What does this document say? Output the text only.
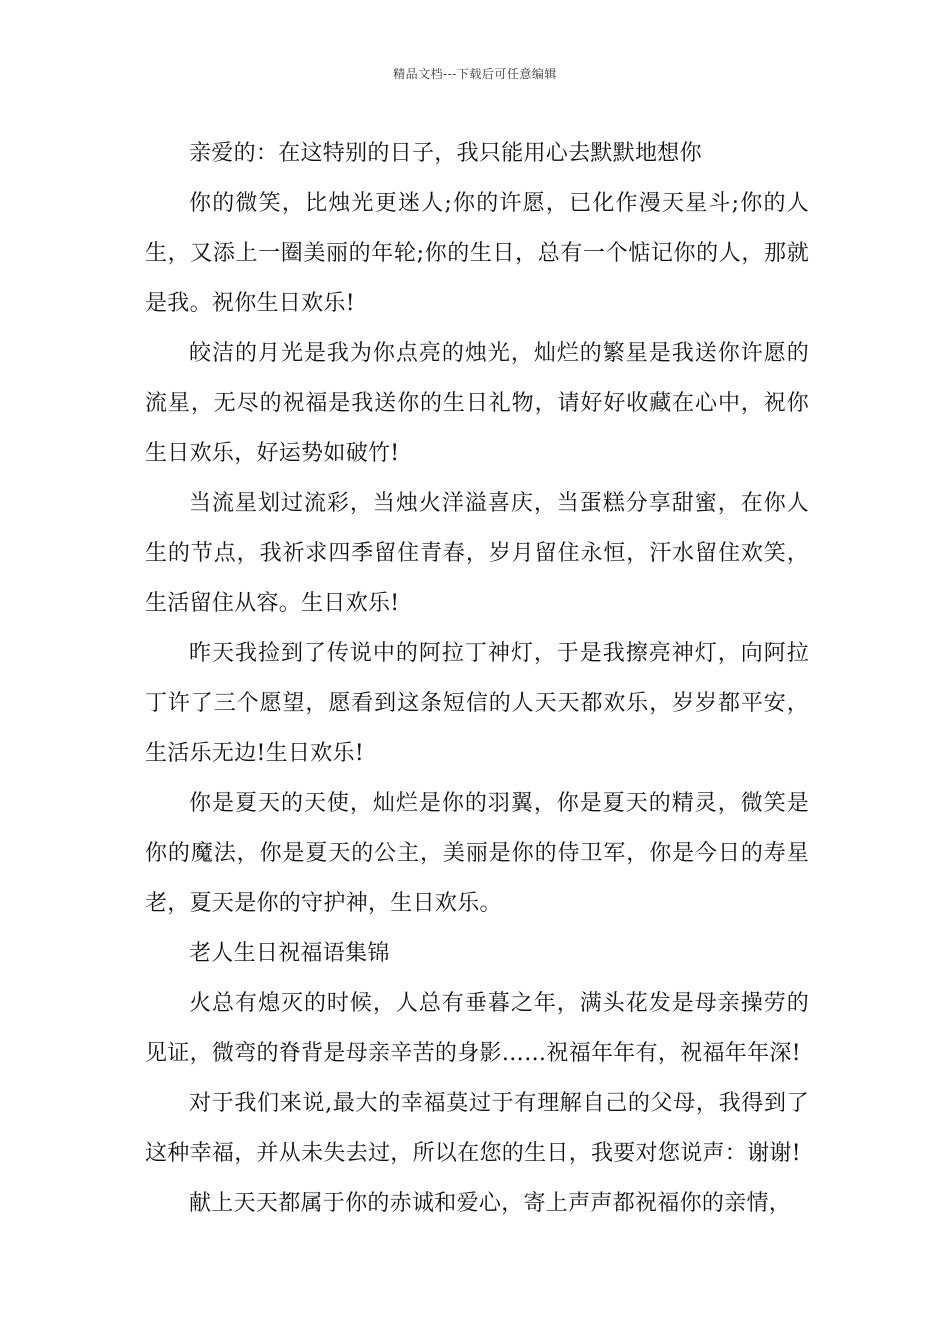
精品文档---下载后可任意编辑

亲爱的：在这特别的日子，我只能用心去默默地想你

你的微笑，比烛光更迷人;你的许愿，已化作漫天星斗;你的人生，又添上一圈美丽的年轮;你的生日，总有一个惦记你的人，那就是我。祝你生日欢乐!

皎洁的月光是我为你点亮的烛光，灿烂的繁星是我送你许愿的流星，无尽的祝福是我送你的生日礼物，请好好收藏在心中，祝你生日欢乐，好运势如破竹!

当流星划过流彩，当烛火洋溢喜庆，当蛋糕分享甜蜜，在你人生的节点，我祈求四季留住青春，岁月留住永恒，汗水留住欢笑，生活留住从容。生日欢乐!

昨天我捡到了传说中的阿拉丁神灯，于是我擦亮神灯，向阿拉丁许了三个愿望，愿看到这条短信的人天天都欢乐，岁岁都平安，生活乐无边!生日欢乐!

你是夏天的天使，灿烂是你的羽翼，你是夏天的精灵，微笑是你的魔法，你是夏天的公主，美丽是你的侍卫军，你是今日的寿星老，夏天是你的守护神，生日欢乐。

老人生日祝福语集锦

火总有熄灭的时候，人总有垂暮之年，满头花发是母亲操劳的见证，微弯的脊背是母亲辛苦的身影……祝福年年有，祝福年年深!

对于我们来说,最大的幸福莫过于有理解自己的父母，我得到了这种幸福，并从未失去过，所以在您的生日，我要对您说声：谢谢!

献上天天都属于你的赤诚和爱心，寄上声声都祝福你的亲情，
